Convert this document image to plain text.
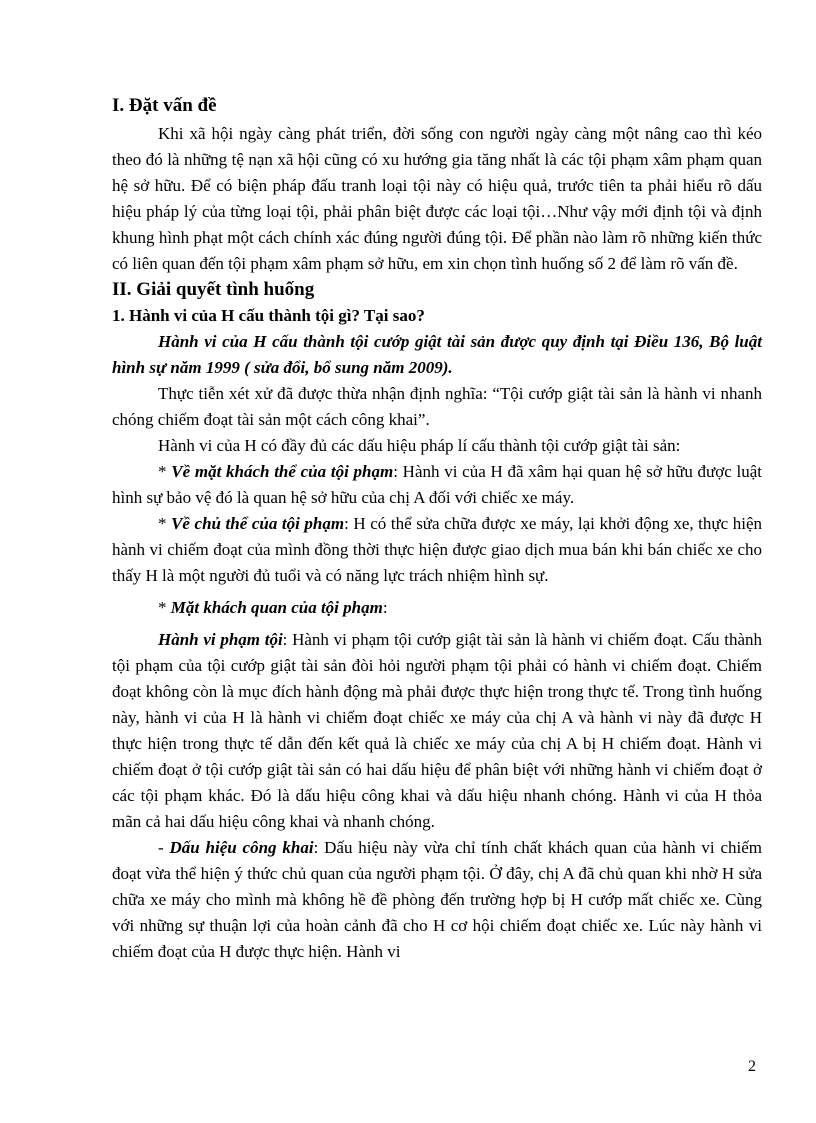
I. Đặt vấn đề

Khi xã hội ngày càng phát triển, đời sống con người ngày càng một nâng cao thì kéo theo đó là những tệ nạn xã hội cũng có xu hướng gia tăng nhất là các tội phạm xâm phạm quan hệ sở hữu. Để có biện pháp đấu tranh loại tội này có hiệu quả, trước tiên ta phải hiểu rõ dấu hiệu pháp lý của từng loại tội, phải phân biệt được các loại tội…Như vậy mới định tội và định khung hình phạt một cách chính xác đúng người đúng tội. Để phần nào làm rõ những kiến thức có liên quan đến tội phạm xâm phạm sở hữu, em xin chọn tình huống số 2 để làm rõ vấn đề.

II. Giải quyết tình huống

1. Hành vi của H cấu thành tội gì? Tại sao?

Hành vi của H cấu thành tội cướp giật tài sản được quy định tại Điều 136, Bộ luật hình sự năm 1999 ( sửa đổi, bổ sung năm 2009).

Thực tiễn xét xử đã được thừa nhận định nghĩa: “Tội cướp giật tài sản là hành vi nhanh chóng chiếm đoạt tài sản một cách công khai”.

Hành vi của H có đầy đủ các dấu hiệu pháp lí cấu thành tội cướp giật tài sản:

* Về mặt khách thể của tội phạm: Hành vi của H đã xâm hại quan hệ sở hữu được luật hình sự bảo vệ đó là quan hệ sở hữu của chị A đối với chiếc xe máy.

* Về chủ thể của tội phạm: H có thể sửa chữa được xe máy, lại khởi động xe, thực hiện hành vi chiếm đoạt của mình đồng thời thực hiện được giao dịch mua bán khi bán chiếc xe cho thấy H là một người đủ tuổi và có năng lực trách nhiệm hình sự.

* Mặt khách quan của tội phạm:

Hành vi phạm tội: Hành vi phạm tội cướp giật tài sản là hành vi chiếm đoạt. Cấu thành tội phạm của tội cướp giật tài sản đòi hỏi người phạm tội phải có hành vi chiếm đoạt. Chiếm đoạt không còn là mục đích hành động mà phải được thực hiện trong thực tế. Trong tình huống này, hành vi của H là hành vi chiếm đoạt chiếc xe máy của chị A và hành vi này đã được H thực hiện trong thực tế dẫn đến kết quả là chiếc xe máy của chị A bị H chiếm đoạt. Hành vi chiếm đoạt ở tội cướp giật tài sản có hai dấu hiệu để phân biệt với những hành vi chiếm đoạt ở các tội phạm khác. Đó là dấu hiệu công khai và dấu hiệu nhanh chóng. Hành vi của H thỏa mãn cả hai dấu hiệu công khai và nhanh chóng.

- Dấu hiệu công khai: Dấu hiệu này vừa chỉ tính chất khách quan của hành vi chiếm đoạt vừa thể hiện ý thức chủ quan của người phạm tội. Ở đây, chị A đã chủ quan khi nhờ H sửa chữa xe máy cho mình mà không hề đề phòng đến trường hợp bị H cướp mất chiếc xe. Cùng với những sự thuận lợi của hoàn cảnh đã cho H cơ hội chiếm đoạt chiếc xe. Lúc này hành vi chiếm đoạt của H được thực hiện. Hành vi

2
